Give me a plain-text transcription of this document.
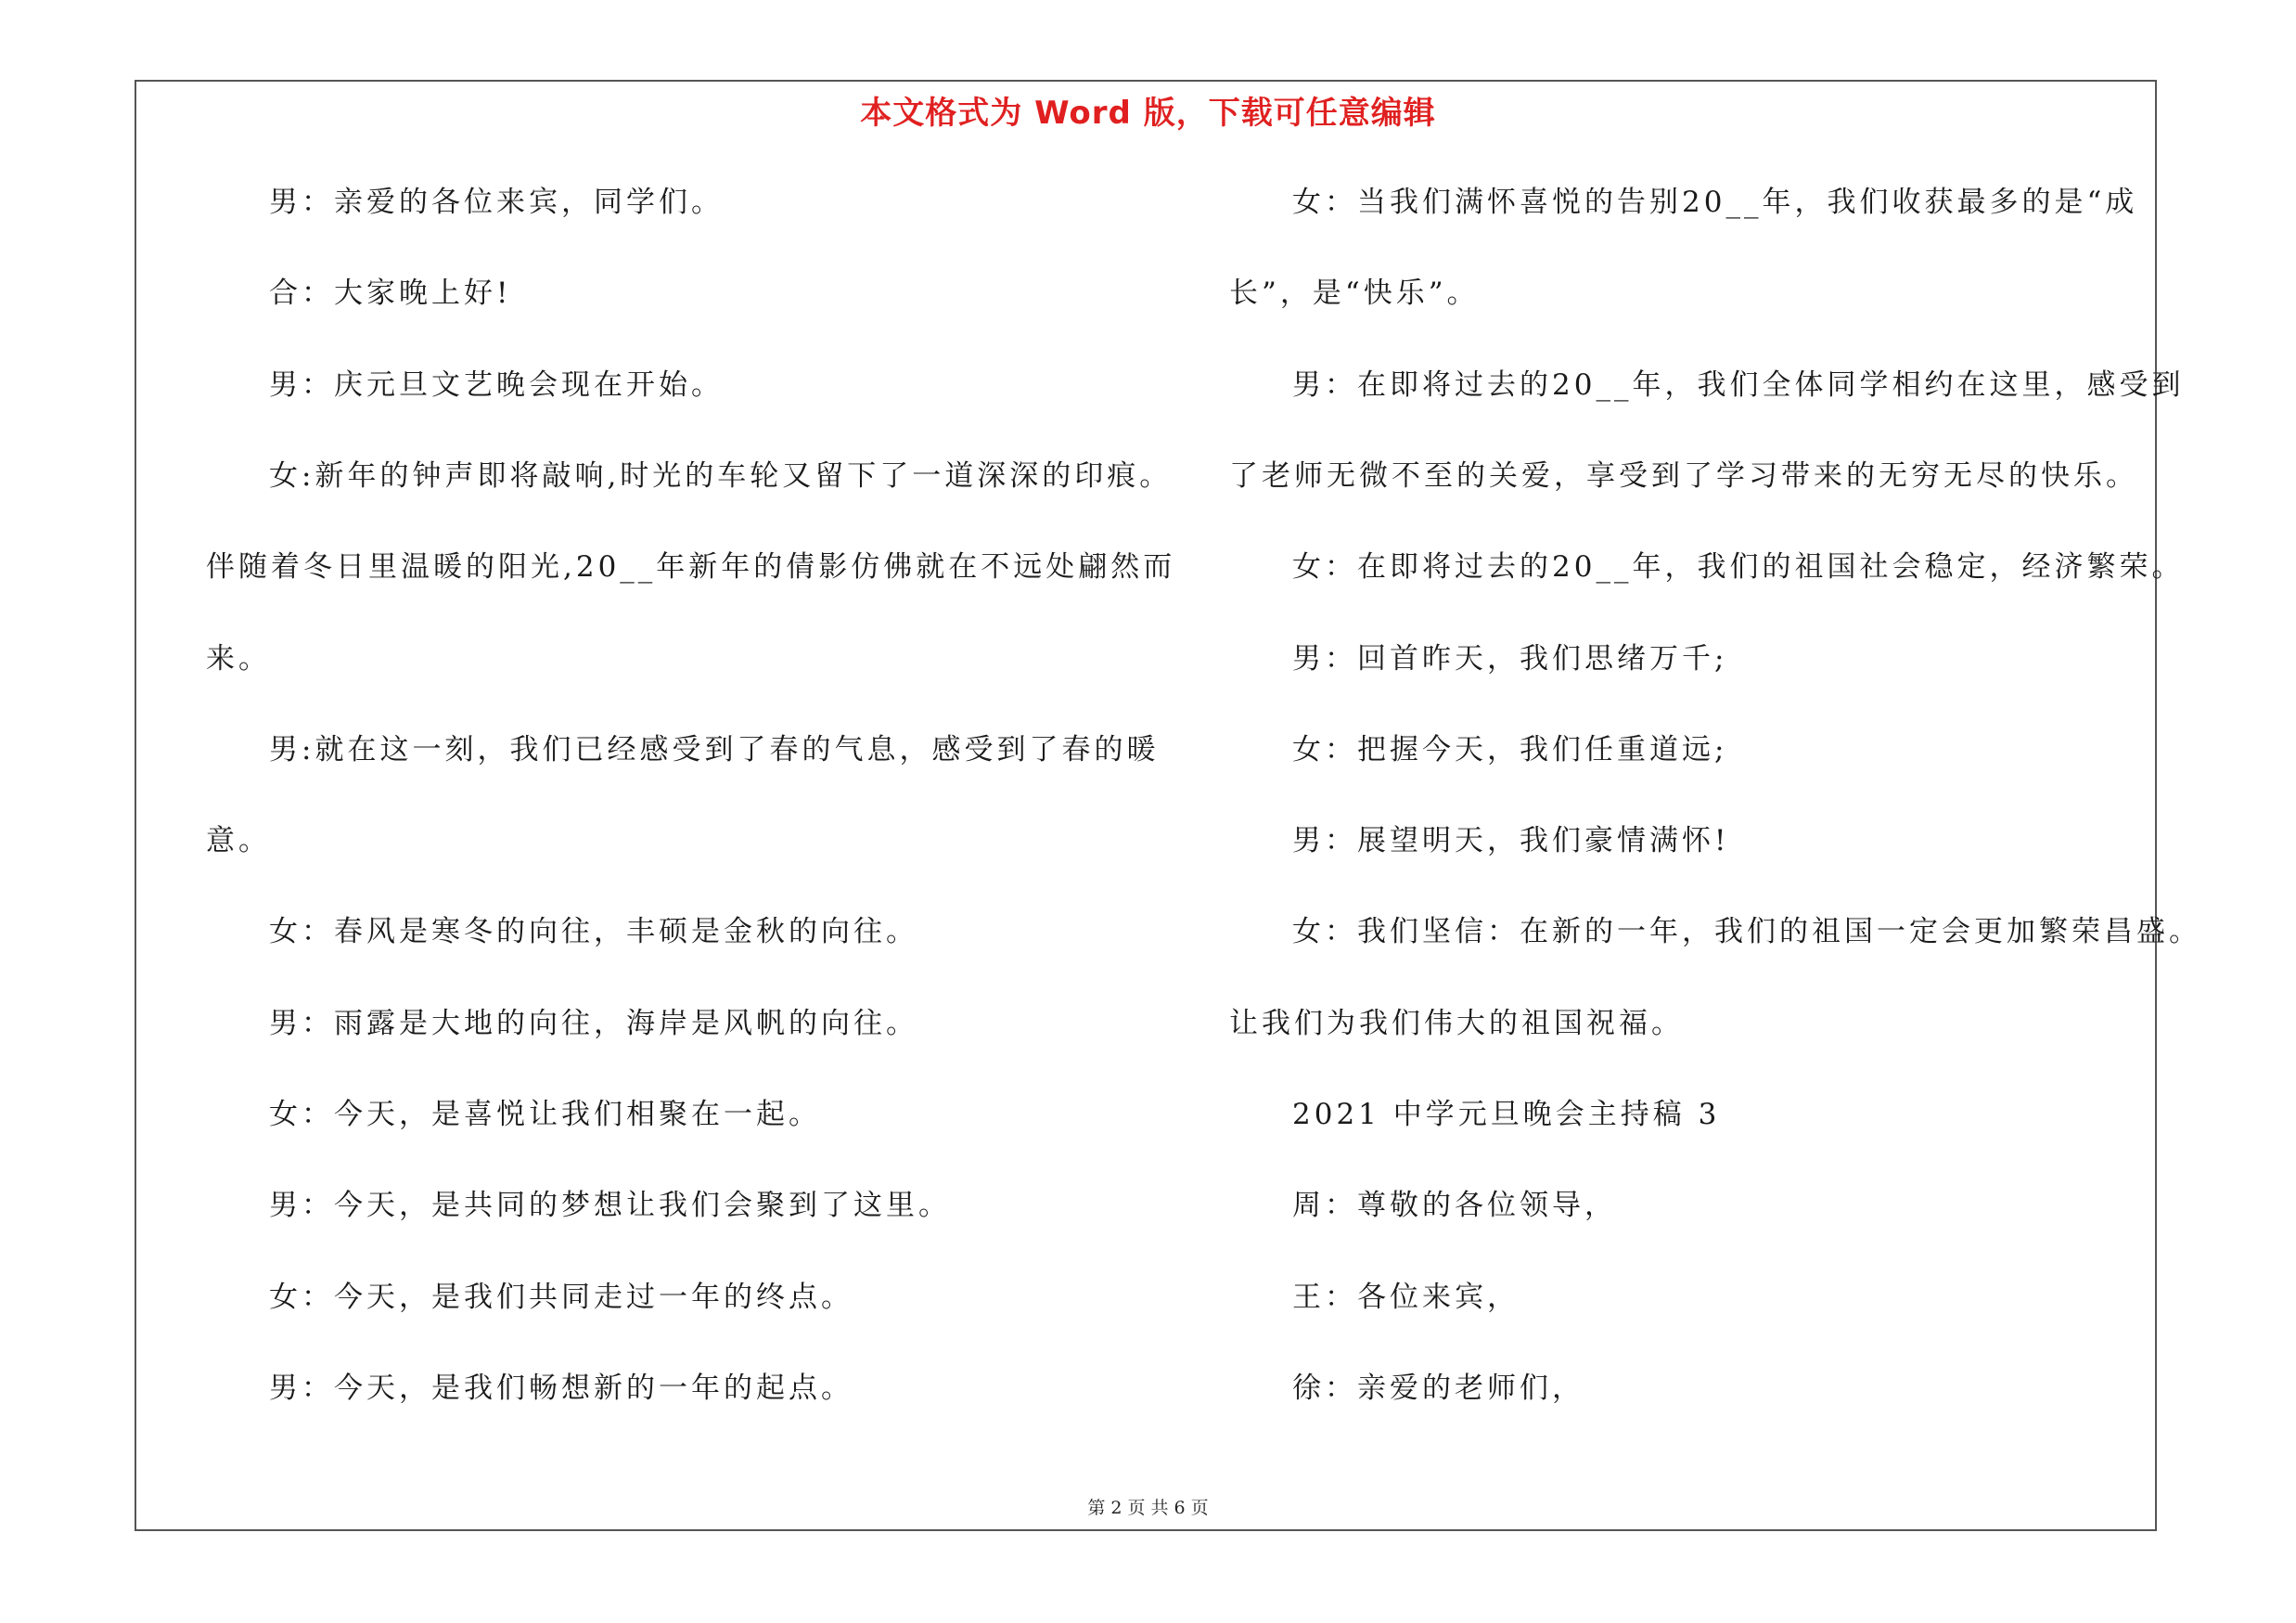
本文格式为 Word 版，下载可任意编辑
男：亲爱的各位来宾，同学们。
合：大家晚上好!
男：庆元旦文艺晚会现在开始。
女:新年的钟声即将敲响,时光的车轮又留下了一道深深的印痕。
伴随着冬日里温暖的阳光,20__年新年的倩影仿佛就在不远处翩然而
来。
男:就在这一刻，我们已经感受到了春的气息，感受到了春的暖
意。
女：春风是寒冬的向往，丰硕是金秋的向往。
男：雨露是大地的向往，海岸是风帆的向往。
女：今天，是喜悦让我们相聚在一起。
男：今天，是共同的梦想让我们会聚到了这里。
女：今天，是我们共同走过一年的终点。
男：今天，是我们畅想新的一年的起点。
女：当我们满怀喜悦的告别20__年，我们收获最多的是“成
长”，是“快乐”。
男：在即将过去的20__年，我们全体同学相约在这里，感受到
了老师无微不至的关爱，享受到了学习带来的无穷无尽的快乐。
女：在即将过去的20__年，我们的祖国社会稳定，经济繁荣。
男：回首昨天，我们思绪万千;
女：把握今天，我们任重道远;
男：展望明天，我们豪情满怀!
女：我们坚信：在新的一年，我们的祖国一定会更加繁荣昌盛。
让我们为我们伟大的祖国祝福。
2021 中学元旦晚会主持稿 3
周：尊敬的各位领导，
王：各位来宾，
徐：亲爱的老师们，
第 2 页 共 6 页
